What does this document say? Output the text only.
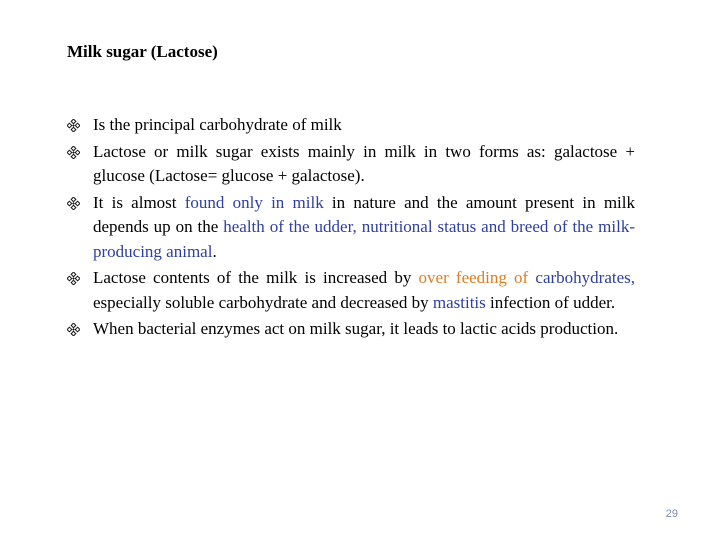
Milk sugar (Lactose)
Is the principal carbohydrate of milk
Lactose or milk sugar exists mainly in milk in two forms as: galactose + glucose (Lactose= glucose + galactose).
It is almost found only in milk in nature and the amount present in milk depends up on the health of the udder, nutritional status and breed of the milk-producing animal.
Lactose contents of the milk is increased by over feeding of carbohydrates, especially soluble carbohydrate and decreased by mastitis infection of udder.
When bacterial enzymes act on milk sugar, it leads to lactic acids production.
29
